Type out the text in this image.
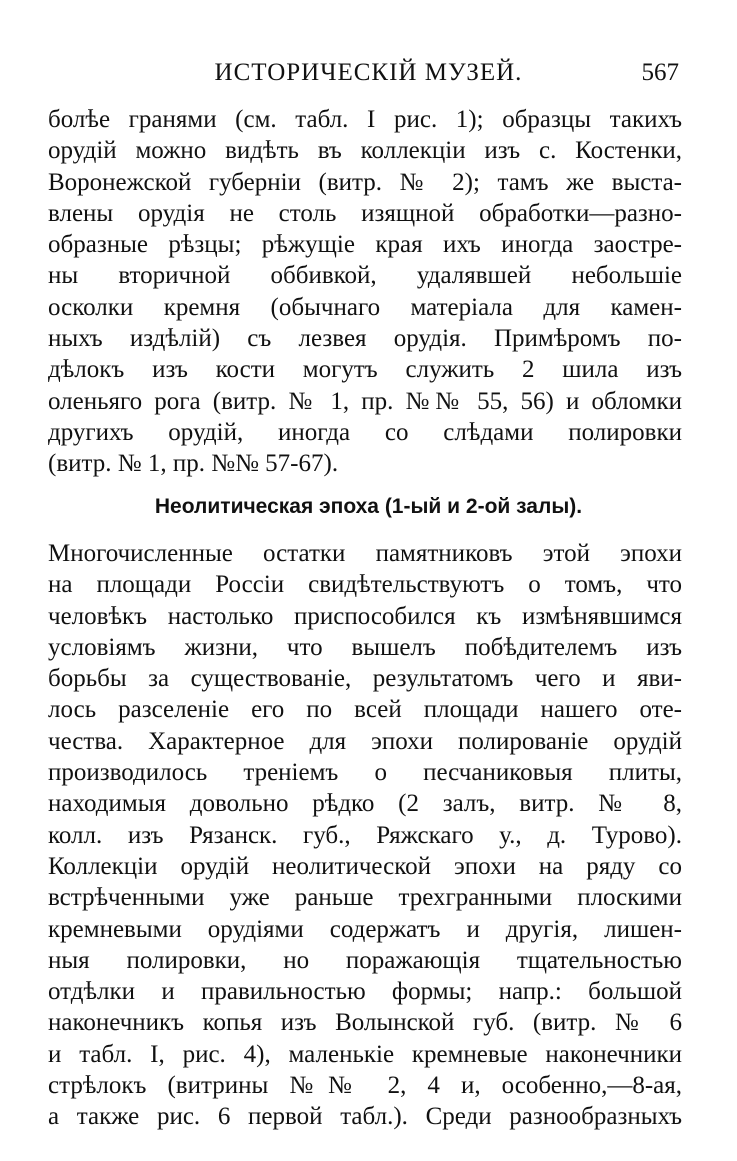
ИСТОРИЧЕСКІЙ МУЗЕЙ.	567
болѣе гранями (см. табл. I рис. 1); образцы такихъ
орудій можно видѣть въ коллекціи изъ с. Костенки,
Воронежской губерніи (витр. № 2); тамъ же выста-
влены орудія не столь изящной обработки—разно-
образные рѣзцы; рѣжущіе края ихъ иногда заостре-
ны вторичной оббивкой, удалявшей небольшіе
осколки кремня (обычнаго матеріала для камен-
ныхъ издѣлій) съ лезвея орудія. Примѣромъ по-
дѣлокъ изъ кости могутъ служить 2 шила изъ
оленьяго рога (витр. № 1, пр. №№ 55, 56) и обломки
другихъ орудій, иногда со слѣдами полировки
(витр. № 1, пр. №№ 57-67).
Неолитическая эпоха (1-ый и 2-ой залы).
Многочисленные остатки памятниковъ этой эпохи
на площади Россіи свидѣтельствуютъ о томъ, что
человѣкъ настолько приспособился къ измѣнявшимся
условіямъ жизни, что вышелъ побѣдителемъ изъ
борьбы за существованіе, результатомъ чего и яви-
лось разселеніе его по всей площади нашего оте-
чества. Характерное для эпохи полированіе орудій
производилось треніемъ о песчаниковыя плиты,
находимыя довольно рѣдко (2 залъ, витр. № 8,
колл. изъ Рязанск. губ., Ряжскаго у., д. Турово).
Коллекціи орудій неолитической эпохи на ряду со
встрѣченными уже раньше трехгранными плоскими
кремневыми орудіями содержатъ и другія, лишен-
ныя полировки, но поражающія тщательностью
отдѣлки и правильностью формы; напр.: большой
наконечникъ копья изъ Волынской губ. (витр. № 6
и табл. I, рис. 4), маленькіе кремневые наконечники
стрѣлокъ (витрины №№ 2, 4 и, особенно,—8-ая,
а также рис. 6 первой табл.). Среди разнообразныхъ
